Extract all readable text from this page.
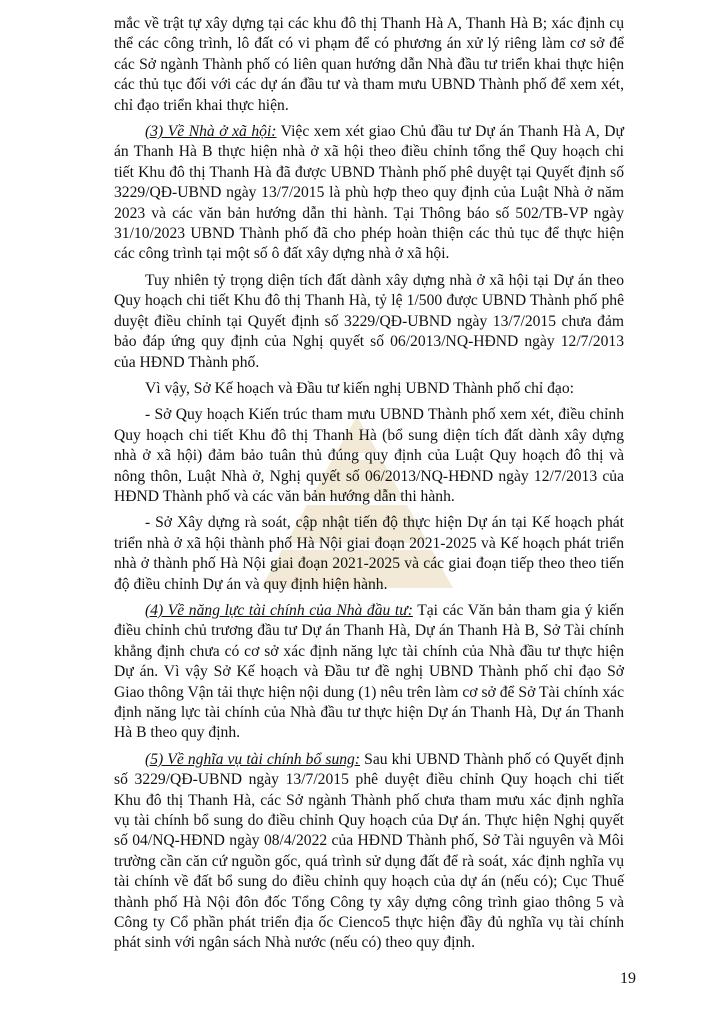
mắc về trật tự xây dựng tại các khu đô thị Thanh Hà A, Thanh Hà B; xác định cụ thể các công trình, lô đất có vi phạm để có phương án xử lý riêng làm cơ sở để các Sở ngành Thành phố có liên quan hướng dẫn Nhà đầu tư triển khai thực hiện các thủ tục đối với các dự án đầu tư và tham mưu UBND Thành phố để xem xét, chỉ đạo triển khai thực hiện.

(3) Về Nhà ở xã hội: Việc xem xét giao Chủ đầu tư Dự án Thanh Hà A, Dự án Thanh Hà B thực hiện nhà ở xã hội theo điều chỉnh tổng thể Quy hoạch chi tiết Khu đô thị Thanh Hà đã được UBND Thành phố phê duyệt tại Quyết định số 3229/QĐ-UBND ngày 13/7/2015 là phù hợp theo quy định của Luật Nhà ở năm 2023 và các văn bản hướng dẫn thi hành. Tại Thông báo số 502/TB-VP ngày 31/10/2023 UBND Thành phố đã cho phép hoàn thiện các thủ tục để thực hiện các công trình tại một số ô đất xây dựng nhà ở xã hội.

Tuy nhiên tỷ trọng diện tích đất dành xây dựng nhà ở xã hội tại Dự án theo Quy hoạch chi tiết Khu đô thị Thanh Hà, tỷ lệ 1/500 được UBND Thành phố phê duyệt điều chỉnh tại Quyết định số 3229/QĐ-UBND ngày 13/7/2015 chưa đảm bảo đáp ứng quy định của Nghị quyết số 06/2013/NQ-HĐND ngày 12/7/2013 của HĐND Thành phố.

Vì vậy, Sở Kế hoạch và Đầu tư kiến nghị UBND Thành phố chỉ đạo:

- Sở Quy hoạch Kiến trúc tham mưu UBND Thành phố xem xét, điều chỉnh Quy hoạch chi tiết Khu đô thị Thanh Hà (bổ sung diện tích đất dành xây dựng nhà ở xã hội) đảm bảo tuân thủ đúng quy định của Luật Quy hoạch đô thị và nông thôn, Luật Nhà ở, Nghị quyết số 06/2013/NQ-HĐND ngày 12/7/2013 của HĐND Thành phố và các văn bản hướng dẫn thi hành.

- Sở Xây dựng rà soát, cập nhật tiến độ thực hiện Dự án tại Kế hoạch phát triển nhà ở xã hội thành phố Hà Nội giai đoạn 2021-2025 và Kế hoạch phát triển nhà ở thành phố Hà Nội giai đoạn 2021-2025 và các giai đoạn tiếp theo theo tiến độ điều chỉnh Dự án và quy định hiện hành.

(4) Về năng lực tài chính của Nhà đầu tư: Tại các Văn bản tham gia ý kiến điều chỉnh chủ trương đầu tư Dự án Thanh Hà, Dự án Thanh Hà B, Sở Tài chính khẳng định chưa có cơ sở xác định năng lực tài chính của Nhà đầu tư thực hiện Dự án. Vì vậy Sở Kế hoạch và Đầu tư đề nghị UBND Thành phố chỉ đạo Sở Giao thông Vận tải thực hiện nội dung (1) nêu trên làm cơ sở để Sở Tài chính xác định năng lực tài chính của Nhà đầu tư thực hiện Dự án Thanh Hà, Dự án Thanh Hà B theo quy định.

(5) Về nghĩa vụ tài chính bổ sung: Sau khi UBND Thành phố có Quyết định số 3229/QĐ-UBND ngày 13/7/2015 phê duyệt điều chỉnh Quy hoạch chi tiết Khu đô thị Thanh Hà, các Sở ngành Thành phố chưa tham mưu xác định nghĩa vụ tài chính bổ sung do điều chỉnh Quy hoạch của Dự án. Thực hiện Nghị quyết số 04/NQ-HĐND ngày 08/4/2022 của HĐND Thành phố, Sở Tài nguyên và Môi trường cần căn cứ nguồn gốc, quá trình sử dụng đất để rà soát, xác định nghĩa vụ tài chính về đất bổ sung do điều chỉnh quy hoạch của dự án (nếu có); Cục Thuế thành phố Hà Nội đôn đốc Tổng Công ty xây dựng công trình giao thông 5 và Công ty Cổ phần phát triển địa ốc Cienco5 thực hiện đầy đủ nghĩa vụ tài chính phát sinh với ngân sách Nhà nước (nếu có) theo quy định.

19
